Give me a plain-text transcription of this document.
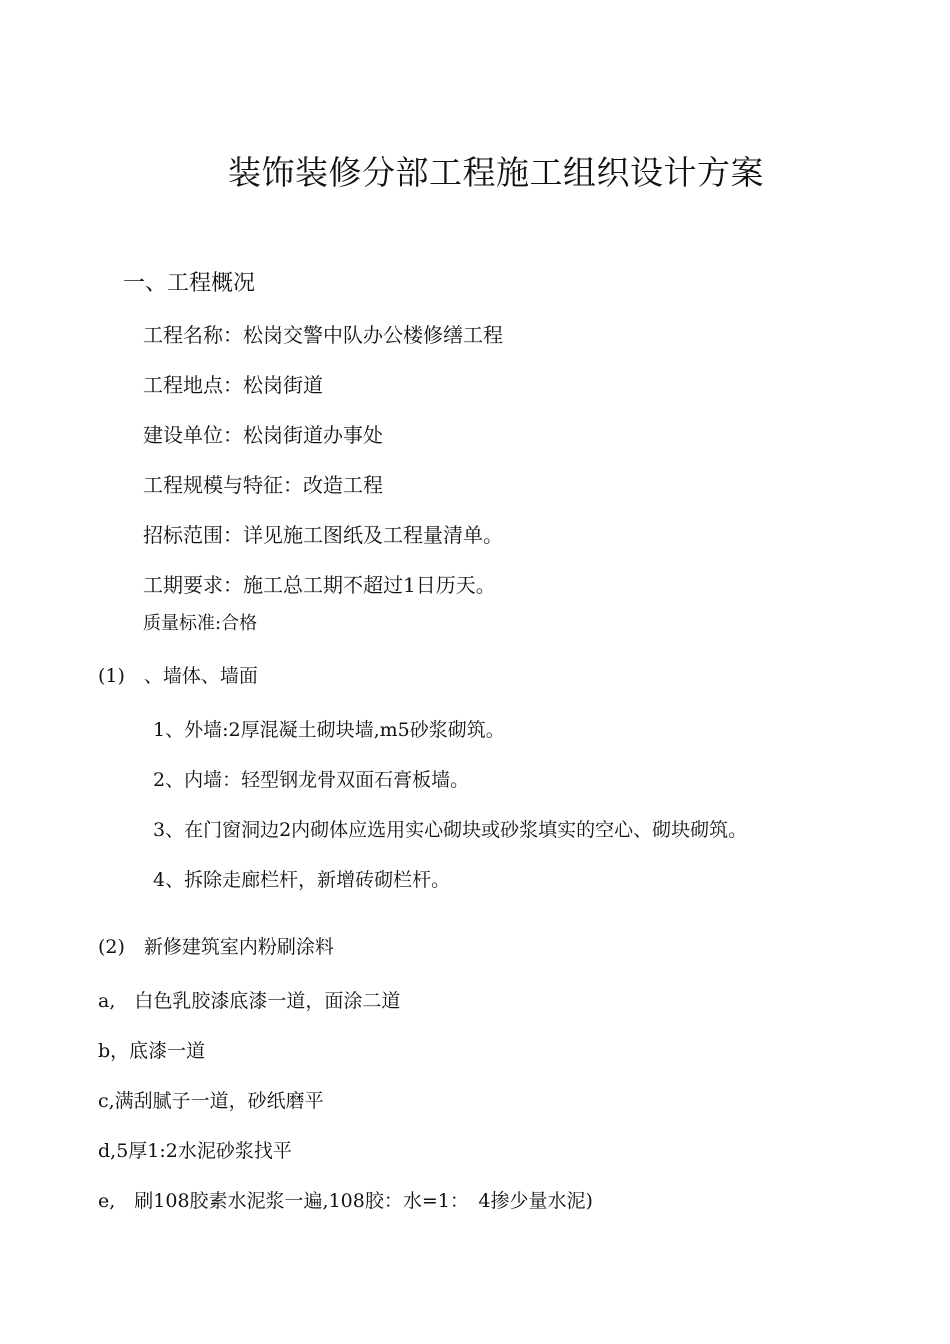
装饰装修分部工程施工组织设计方案
一、工程概况
工程名称：松岗交警中队办公楼修缮工程
工程地点：松岗街道
建设单位：松岗街道办事处
工程规模与特征：改造工程
招标范围：详见施工图纸及工程量清单。
工期要求：施工总工期不超过1日历天。
质量标准:合格
(1)　、墙体、墙面
1、外墙:2厚混凝土砌块墙,m5砂浆砌筑。
2、内墙：轻型钢龙骨双面石膏板墙。
3、在门窗洞边2内砌体应选用实心砌块或砂浆填实的空心、砌块砌筑。
4、拆除走廊栏杆，新增砖砌栏杆。
(2)　新修建筑室内粉刷涂料
a,　白色乳胶漆底漆一道，面涂二道
b，底漆一道
c,满刮腻子一道，砂纸磨平
d,5厚1:2水泥砂浆找平
e,　刷108胶素水泥浆一遍,108胶：水=1：　4掺少量水泥)
